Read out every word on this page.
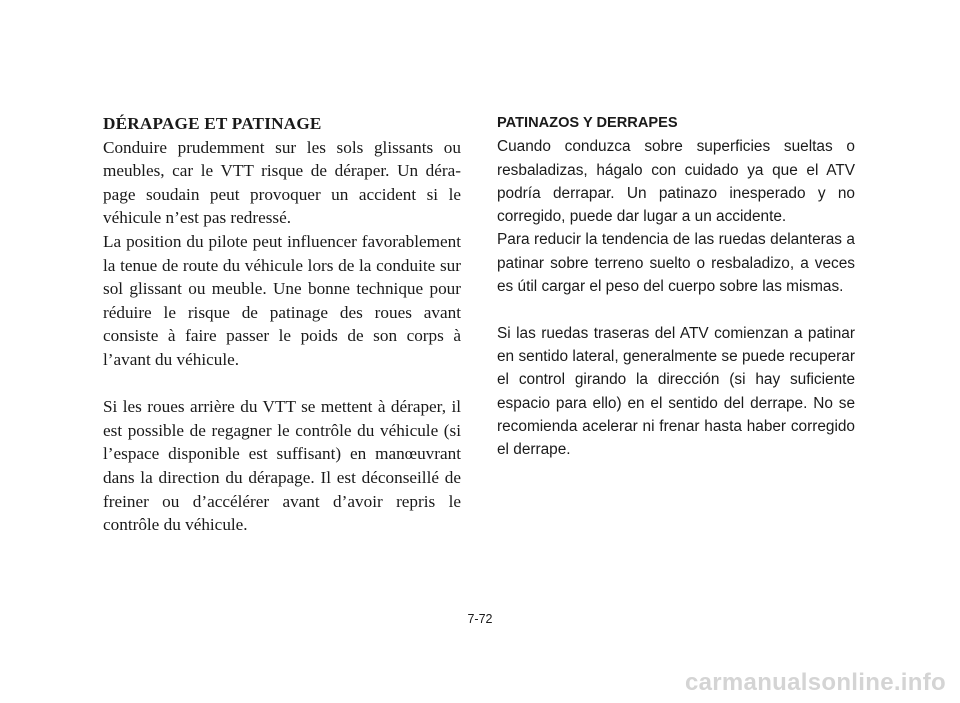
DÉRAPAGE ET PATINAGE

Conduire prudemment sur les sols glissants ou meubles, car le VTT risque de déraper. Un dérapage soudain peut provoquer un accident si le véhicule n’est pas redressé.

La position du pilote peut influencer favorablement la tenue de route du véhicule lors de la conduite sur sol glissant ou meuble. Une bonne technique pour réduire le risque de patinage des roues avant consiste à faire passer le poids de son corps à l’avant du véhicule.

Si les roues arrière du VTT se mettent à déraper, il est possible de regagner le contrôle du véhicule (si l’espace disponible est suffisant) en manœuvrant dans la direction du dérapage. Il est déconseillé de freiner ou d’accélérer avant d’avoir repris le contrôle du véhicule.

PATINAZOS Y DERRAPES

Cuando conduzca sobre superficies sueltas o resbaladizas, hágalo con cuidado ya que el ATV podría derrapar. Un patinazo inesperado y no corregido, puede dar lugar a un accidente.

Para reducir la tendencia de las ruedas delanteras a patinar sobre terreno suelto o resbaladizo, a veces es útil cargar el peso del cuerpo sobre las mismas.

Si las ruedas traseras del ATV comienzan a patinar en sentido lateral, generalmente se puede recuperar el control girando la dirección (si hay suficiente espacio para ello) en el sentido del derrape. No se recomienda acelerar ni frenar hasta haber corregido el derrape.

7-72
carmanualsonline.info
